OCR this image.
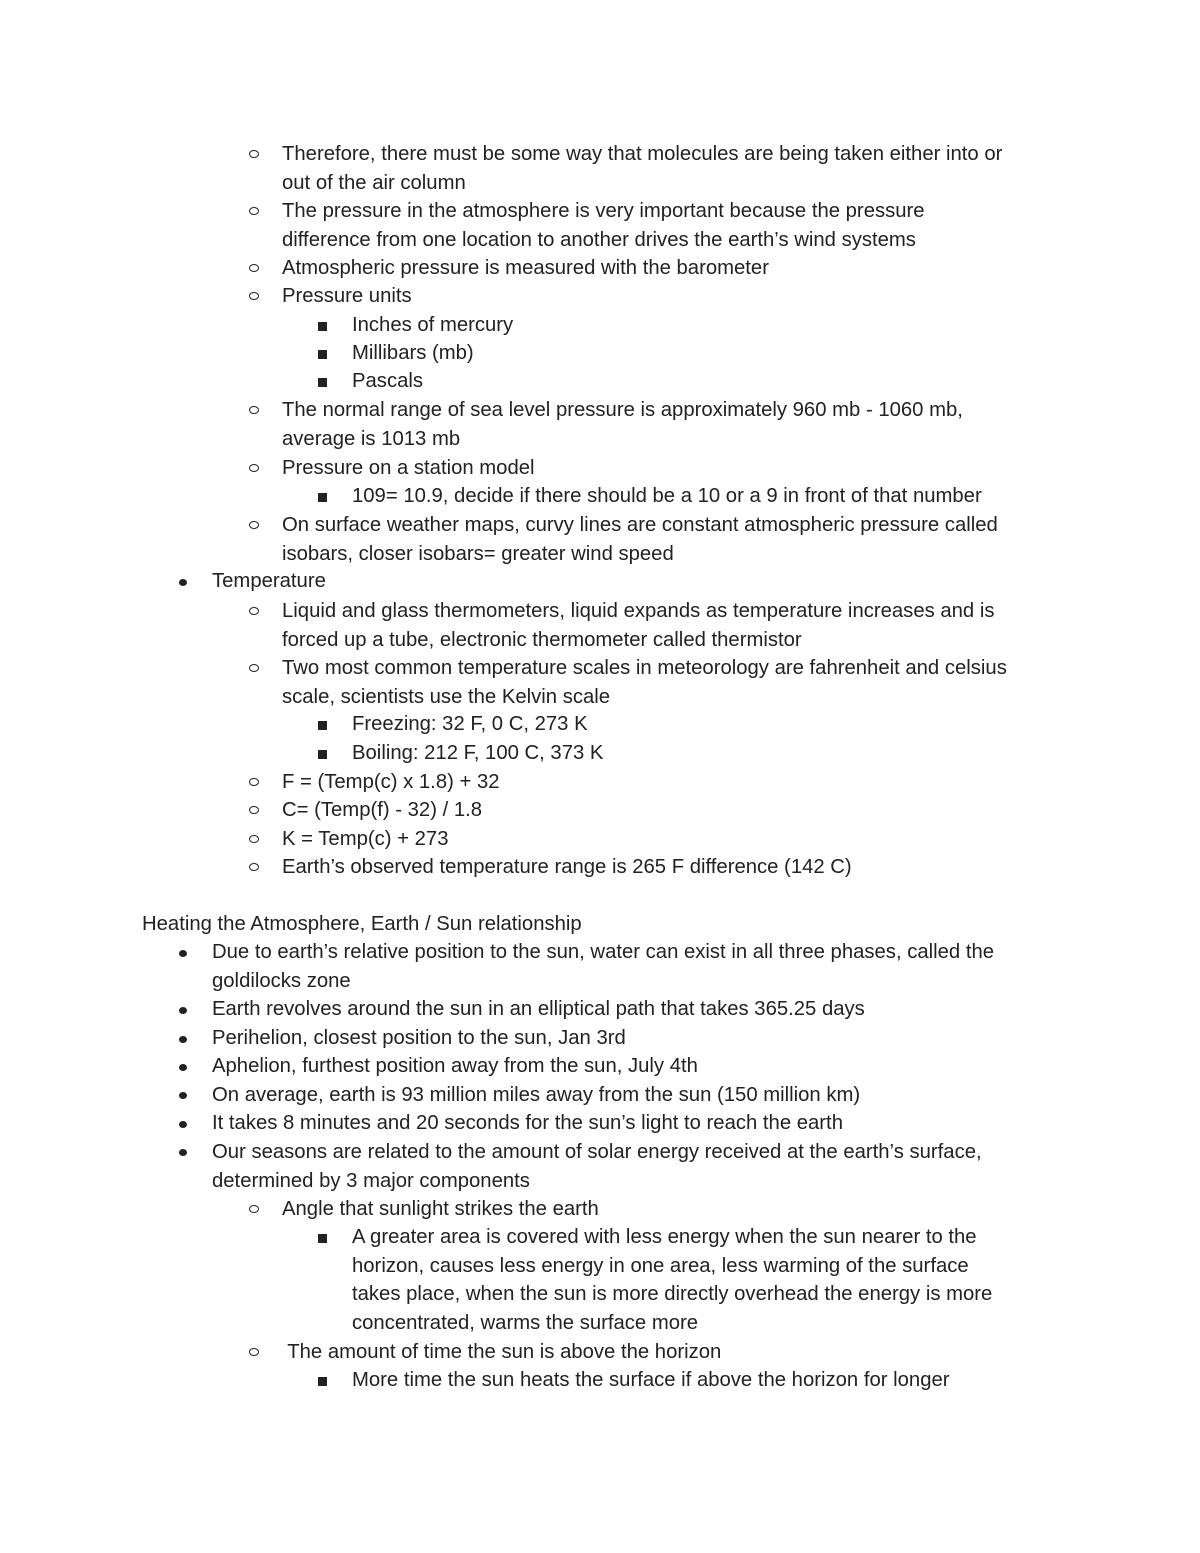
Therefore, there must be some way that molecules are being taken either into or
out of the air column
The pressure in the atmosphere is very important because the pressure
difference from one location to another drives the earth’s wind systems
Atmospheric pressure is measured with the barometer
Pressure units
Inches of mercury
Millibars (mb)
Pascals
The normal range of sea level pressure is approximately 960 mb - 1060 mb,
average is 1013 mb
Pressure on a station model
109= 10.9, decide if there should be a 10 or a 9 in front of that number
On surface weather maps, curvy lines are constant atmospheric pressure called
isobars, closer isobars= greater wind speed
Temperature
Liquid and glass thermometers, liquid expands as temperature increases and is
forced up a tube, electronic thermometer called thermistor
Two most common temperature scales in meteorology are fahrenheit and celsius
scale, scientists use the Kelvin scale
Freezing: 32 F, 0 C, 273 K
Boiling: 212 F, 100 C, 373 K
F = (Temp(c) x 1.8) + 32
C= (Temp(f) - 32) / 1.8
K = Temp(c) + 273
Earth’s observed temperature range is 265 F difference (142 C)
Heating the Atmosphere, Earth / Sun relationship
Due to earth’s relative position to the sun, water can exist in all three phases, called the
goldilocks zone
Earth revolves around the sun in an elliptical path that takes 365.25 days
Perihelion, closest position to the sun, Jan 3rd
Aphelion, furthest position away from the sun, July 4th
On average, earth is 93 million miles away from the sun (150 million km)
It takes 8 minutes and 20 seconds for the sun’s light to reach the earth
Our seasons are related to the amount of solar energy received at the earth’s surface,
determined by 3 major components
Angle that sunlight strikes the earth
A greater area is covered with less energy when the sun nearer to the
horizon, causes less energy in one area, less warming of the surface
takes place, when the sun is more directly overhead the energy is more
concentrated, warms the surface more
The amount of time the sun is above the horizon
More time the sun heats the surface if above the horizon for longer
